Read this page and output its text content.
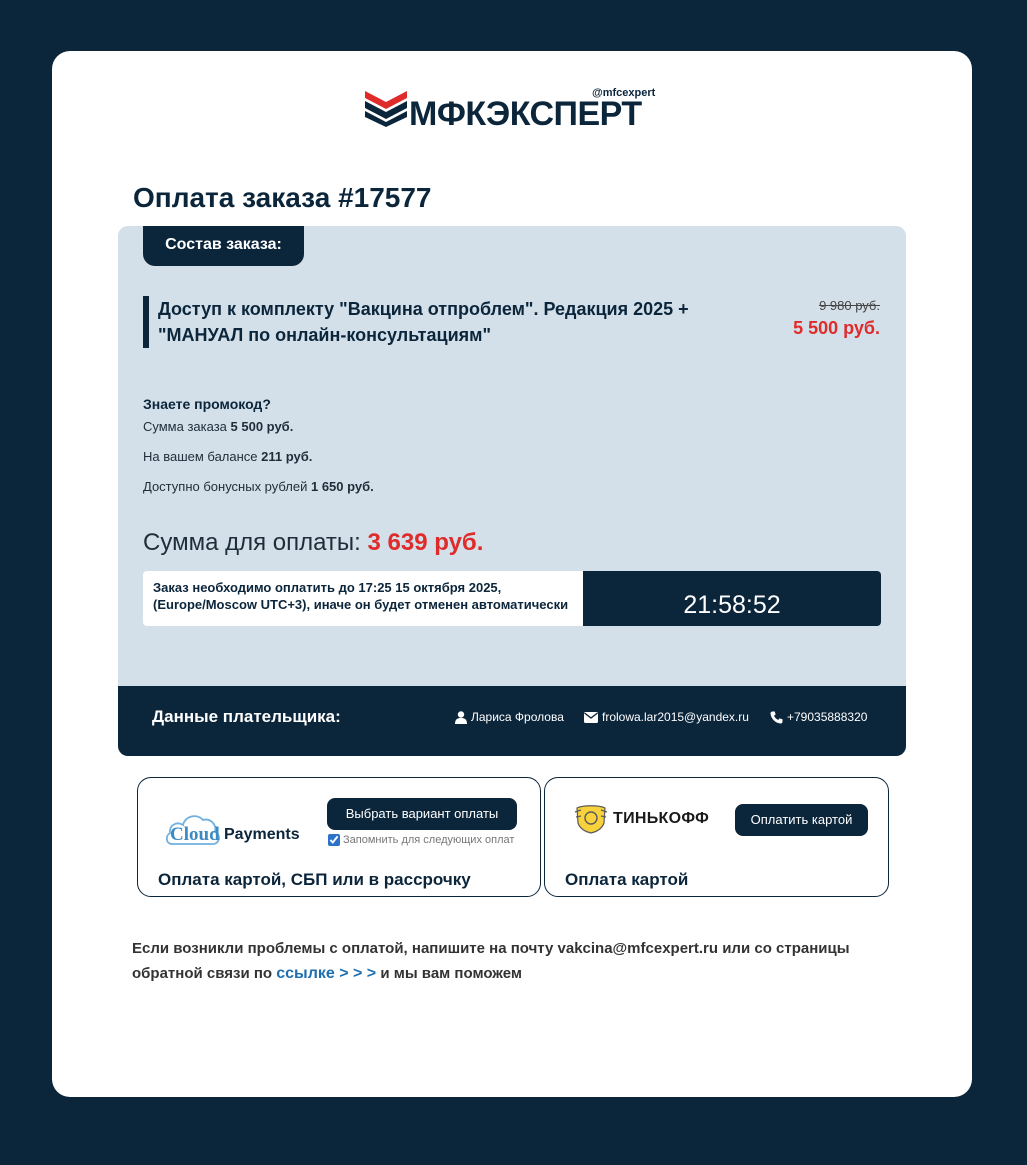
МФКЭКСПЕРТ
@mfcexpert
Оплата заказа #17577
Состав заказа:
Доступ к комплекту "Вакцина отпроблем". Редакция 2025 + "МАНУАЛ по онлайн-консультациям"
9 980 руб.
5 500 руб.
Знаете промокод?
Сумма заказа 5 500 руб.
На вашем балансе 211 руб.
Доступно бонусных рублей 1 650 руб.
Сумма для оплаты: 3 639 руб.
Заказ необходимо оплатить до 17:25 15 октября 2025,
(Europe/Moscow UTC+3), иначе он будет отменен автоматически	21:58:52
Данные плательщика:	Лариса Фролова	frolowa.lar2015@yandex.ru	+79035888320
Cloud Payments
Выбрать вариант оплаты
Запомнить для следующих оплат
Оплата картой, СБП или в рассрочку
ТИНЬКОФФ	Оплатить картой
Оплата картой
Если возникли проблемы с оплатой, напишите на почту vakcina@mfcexpert.ru или со страницы обратной связи по ссылке > > > и мы вам поможем
